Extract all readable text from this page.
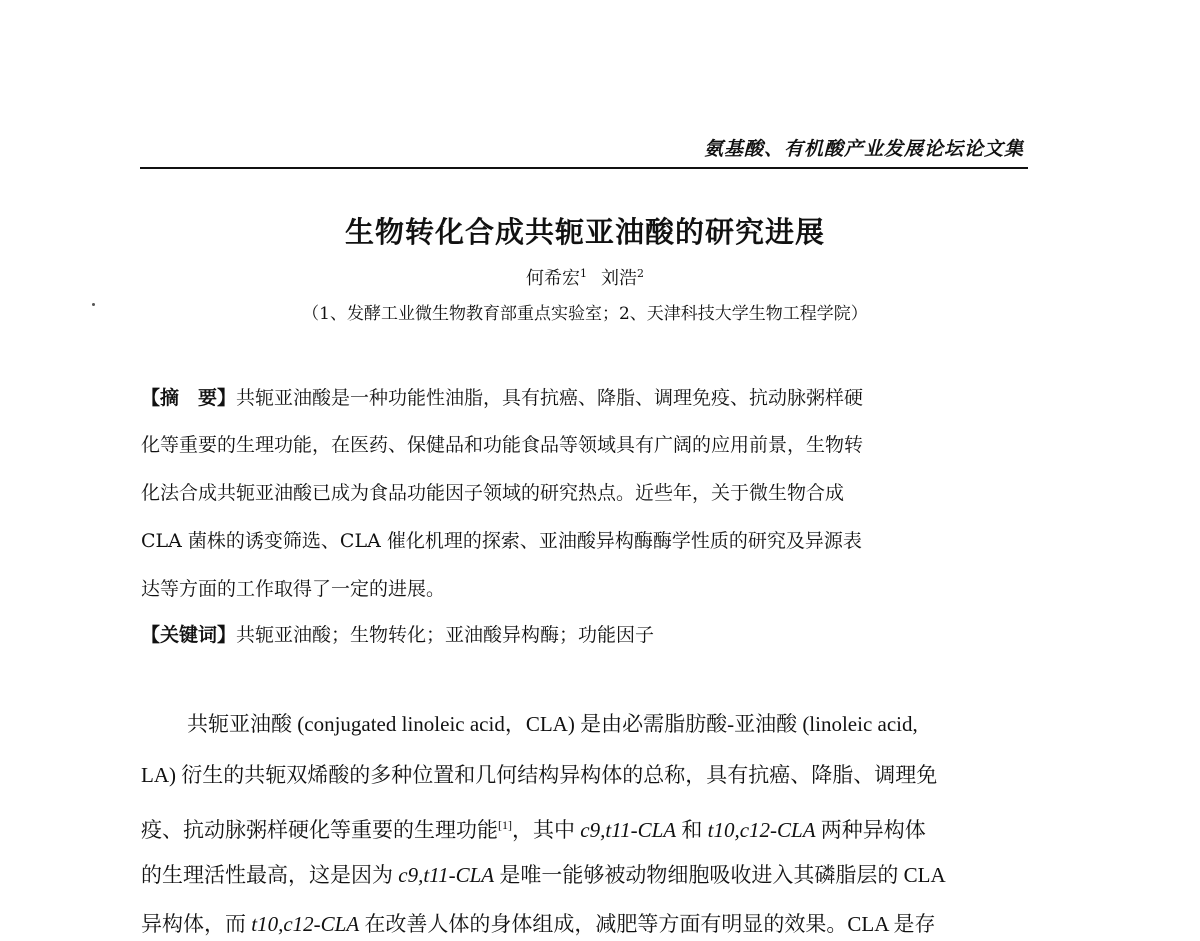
氨基酸、有机酸产业发展论坛论文集
生物转化合成共轭亚油酸的研究进展
何希宏$^1$ 刘浩$^2$
（1、发酵工业微生物教育部重点实验室；2、天津科技大学生物工程学院）
【摘　要】共轭亚油酸是一种功能性油脂，具有抗癌、降脂、调理免疫、抗动脉粥样硬
化等重要的生理功能，在医药、保健品和功能食品等领域具有广阔的应用前景，生物转
化法合成共轭亚油酸已成为食品功能因子领域的研究热点。近些年，关于微生物合成
CLA 菌株的诱变筛选、CLA 催化机理的探索、亚油酸异构酶酶学性质的研究及异源表
达等方面的工作取得了一定的进展。
【关键词】共轭亚油酸；生物转化；亚油酸异构酶；功能因子
共轭亚油酸 (conjugated linoleic acid，CLA) 是由必需脂肪酸-亚油酸 (linoleic acid,
LA) 衍生的共轭双烯酸的多种位置和几何结构异构体的总称，具有抗癌、降脂、调理免
疫、抗动脉粥样硬化等重要的生理功能[1]，其中 c9,t11-CLA 和 t10,c12-CLA 两种异构体
的生理活性最高，这是因为 c9,t11-CLA 是唯一能够被动物细胞吸收进入其磷脂层的 CLA
异构体，而 t10,c12-CLA 在改善人体的身体组成，减肥等方面有明显的效果。CLA 是存
